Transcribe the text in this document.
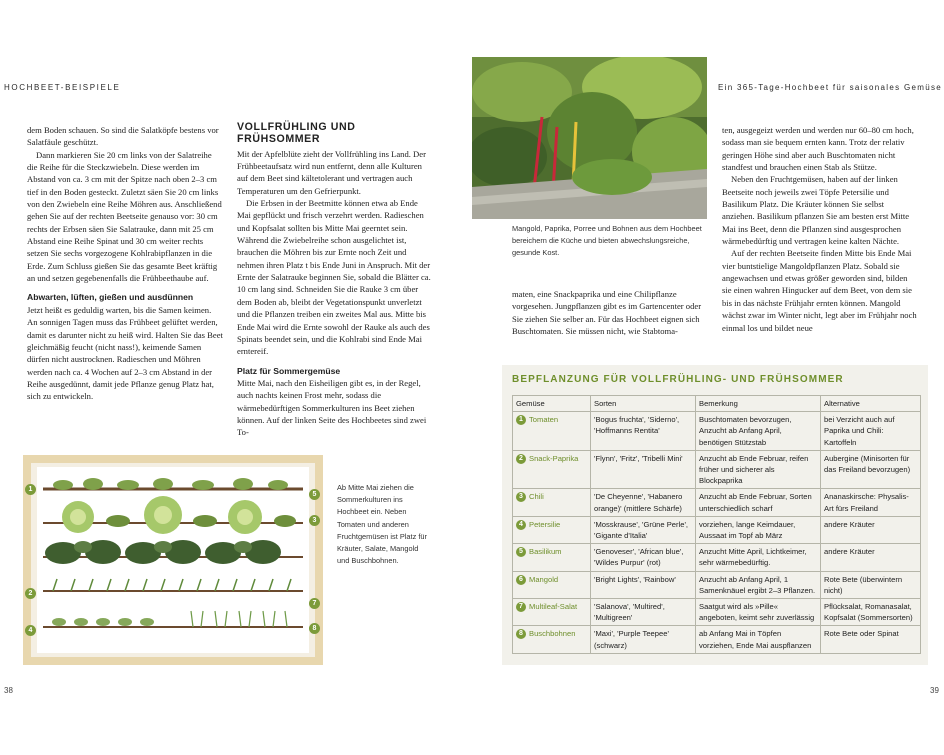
HOCHBEET-BEISPIELE

dem Boden schauen. So sind die Salatköpfe bestens vor Salatfäule geschützt.

Dann markieren Sie 20 cm links von der Salatreihe die Reihe für die Steckzwiebeln. Diese werden im Abstand von ca. 3 cm mit der Spitze nach oben 2–3 cm tief in den Boden gesteckt. Zuletzt säen Sie 20 cm links von den Zwiebeln eine Reihe Möhren aus. Anschließend gehen Sie auf der rechten Beetseite genauso vor: 30 cm rechts der Erbsen säen Sie Salatrauke, dann mit 25 cm Abstand eine Reihe Spinat und 30 cm weiter rechts setzen Sie sechs vorgezogene Kohlrabipflanzen in die Erde. Zum Schluss gießen Sie das gesamte Beet kräftig an und setzen gegebenenfalls die Frühbeethaube auf.

Abwarten, lüften, gießen und ausdünnen

Jetzt heißt es geduldig warten, bis die Samen keimen. An sonnigen Tagen muss das Frühbeet gelüftet werden, damit es darunter nicht zu heiß wird. Halten Sie das Beet gleichmäßig feucht (nicht nass!), keimende Samen dürfen nicht austrocknen. Radieschen und Möhren werden nach ca. 4 Wochen auf 2–3 cm Abstand in der Reihe ausgedünnt, damit jede Pflanze genug Platz hat, sich zu entwickeln.

VOLLFRÜHLING UND FRÜHSOMMER

Mit der Apfelblüte zieht der Vollfrühling ins Land. Der Frühbeetaufsatz wird nun entfernt, denn alle Kulturen auf dem Beet sind kältetolerant und vertragen auch Temperaturen um den Gefrierpunkt.

Die Erbsen in der Beetmitte können etwa ab Ende Mai gepflückt und frisch verzehrt werden. Radieschen und Kopfsalat sollten bis Mitte Mai geerntet sein. Während die Zwiebelreihe schon ausgelichtet ist, brauchen die Möhren bis zur Ernte noch Zeit und nehmen ihren Platz t bis Ende Juni in Anspruch. Mit der Ernte der Salatrauke beginnen Sie, sobald die Blätter ca. 10 cm lang sind. Schneiden Sie die Rauke 3 cm über dem Boden ab, bleibt der Vegetationspunkt unverletzt und die Pflanzen treiben ein zweites Mal aus. Mitte bis Ende Mai wird die Ernte sowohl der Rauke als auch des Spinats beendet sein, und die Kohlrabi sind Ende Mai erntereif.

Platz für Sommergemüse

Mitte Mai, nach den Eisheiligen gibt es, in der Regel, auch nachts keinen Frost mehr, sodass die wärmebedürftigen Sommerkulturen ins Beet ziehen können. Auf der linken Seite des Hochbeetes sind zwei To-

1
2
4
5
3
7
8
Ab Mitte Mai ziehen die Sommerkulturen ins Hochbeet ein. Neben Tomaten und anderen Fruchtgemüsen ist Platz für Kräuter, Salate, Mangold und Buschbohnen.
38
Ein 365-Tage-Hochbeet für saisonales Gemüse
Mangold, Paprika, Porree und Bohnen aus dem Hochbeet bereichern die Küche und bieten abwechslungsreiche, gesunde Kost.

maten, eine Snackpaprika und eine Chilipflanze vorgesehen. Jungpflanzen gibt es im Gartencenter oder Sie ziehen Sie selber an. Für das Hochbeet eignen sich Buschtomaten. Sie müssen nicht, wie Stabtoma-

ten, ausgegeizt werden und werden nur 60–80 cm hoch, sodass man sie bequem ernten kann. Trotz der relativ geringen Höhe sind aber auch Buschtomaten nicht standfest und brauchen einen Stab als Stütze.

Neben den Fruchtgemüsen, haben auf der linken Beetseite noch jeweils zwei Töpfe Petersilie und Basilikum Platz. Die Kräuter können Sie selbst anziehen. Basilikum pflanzen Sie am besten erst Mitte Mai ins Beet, denn die Pflanzen sind ausgesprochen wärmebedürftig und vertragen keine kalten Nächte.

Auf der rechten Beetseite finden Mitte bis Ende Mai vier buntstielige Mangoldpflanzen Platz. Sobald sie angewachsen und etwas größer geworden sind, bilden sie einen wahren Hingucker auf dem Beet, von dem sie bis in das nächste Frühjahr ernten können. Mangold wächst zwar im Winter nicht, legt aber im Frühjahr noch einmal los und bildet neue

BEPFLANZUNG FÜR VOLLFRÜHLING- UND FRÜHSOMMER
Gemüse	Sorten	Bemerkung	Alternative
1 Tomaten	'Bogus fruchta', 'Siderno', 'Hoffmanns Rentita'	Buschtomaten bevorzugen, Anzucht ab Anfang April, benötigen Stützstab	bei Verzicht auch auf Paprika und Chili: Kartoffeln
2 Snack-Paprika	'Flynn', 'Fritz', 'Tribelli Mini'	Anzucht ab Ende Februar, reifen früher und sicherer als Blockpaprika	Aubergine (Minisorten für das Freiland bevorzugen)
3 Chili	'De Cheyenne', 'Habanero orange)' (mittlere Schärfe)	Anzucht ab Ende Februar, Sorten unterschiedlich scharf	Ananaskirsche: Physalis-Art fürs Freiland
4 Petersilie	'Mosskrause', 'Grüne Perle', 'Gigante d'Italia'	vorziehen, lange Keimdauer, Aussaat im Topf ab März	andere Kräuter
5 Basilikum	'Genoveser', 'African blue', 'Wildes Purpur' (rot)	Anzucht Mitte April, Lichtkeimer, sehr wärmebedürftig.	andere Kräuter
6 Mangold	'Bright Lights', 'Rainbow'	Anzucht ab Anfang April, 1 Samenknäuel ergibt 2–3 Pflanzen.	Rote Bete (überwintern nicht)
7 Multileaf-Salat	'Salanova', 'Multired', 'Multigreen'	Saatgut wird als »Pille« angeboten, keimt sehr zuverlässig	Pflücksalat, Romanasalat, Kopfsalat (Sommersorten)
8 Buschbohnen	'Maxi', 'Purple Teepee' (schwarz)	ab Anfang Mai in Töpfen vorziehen, Ende Mai auspflanzen	Rote Bete oder Spinat
39
